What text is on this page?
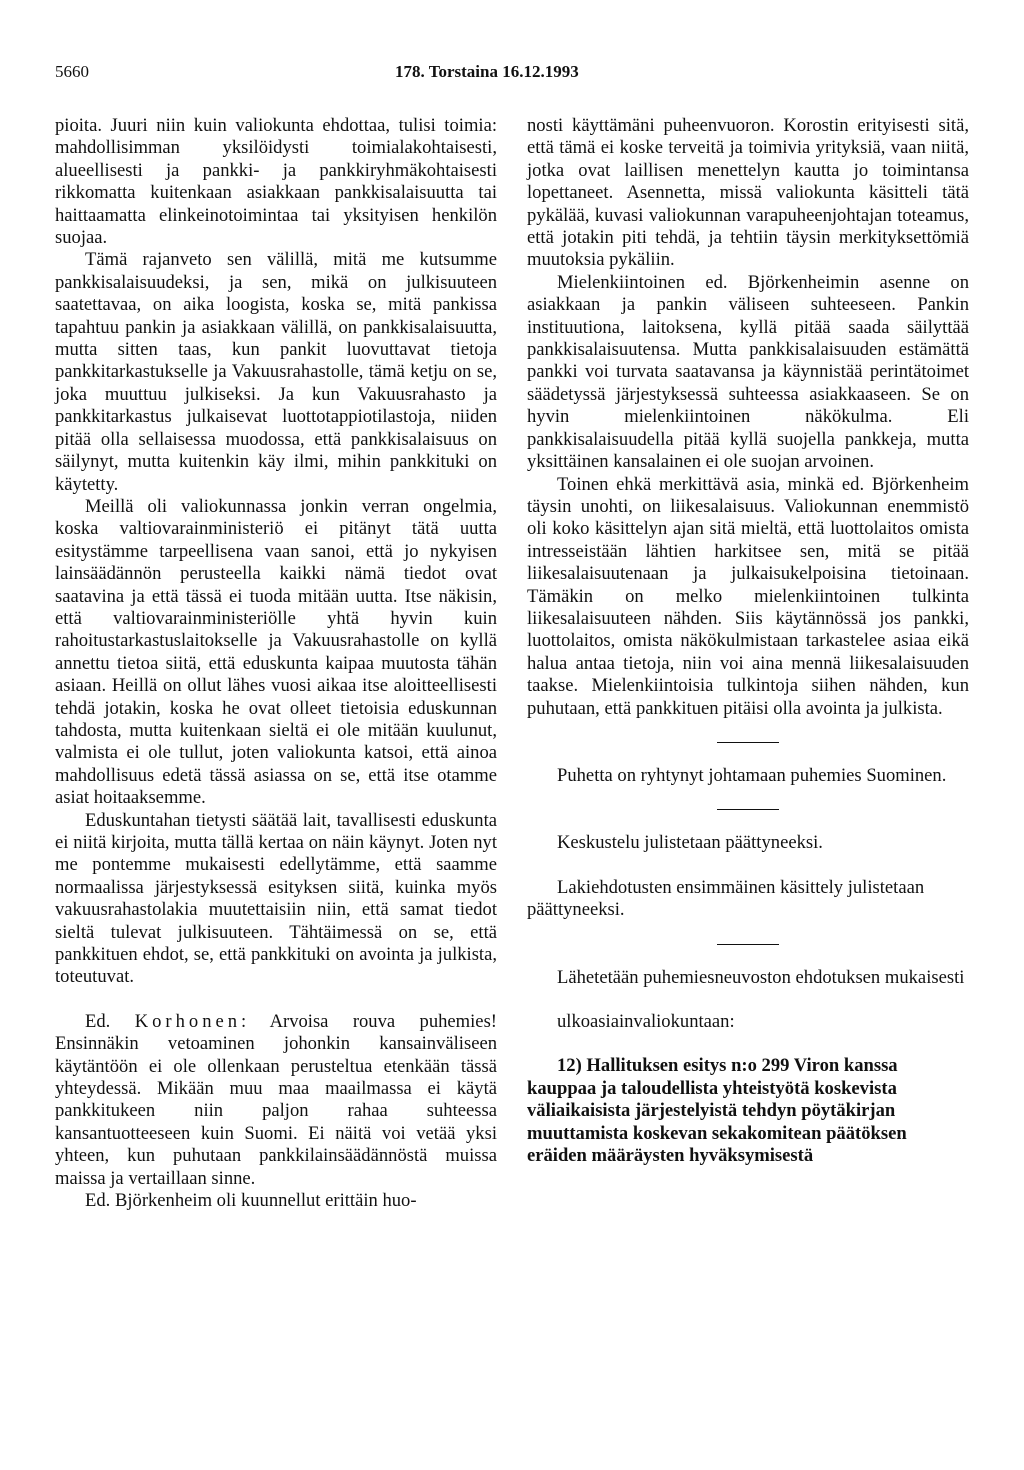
5660	178. Torstaina 16.12.1993

pioita. Juuri niin kuin valiokunta ehdottaa, tulisi toimia: mahdollisimman yksilöidysti toimialakohtaisesti, alueellisesti ja pankki- ja pankkiryhmäkohtaisesti rikkomatta kuitenkaan asiakkaan pankkisalaisuutta tai haittaamatta elinkeinotoimintaa tai yksityisen henkilön suojaa.

Tämä rajanveto sen välillä, mitä me kutsumme pankkisalaisuudeksi, ja sen, mikä on julkisuuteen saatettavaa, on aika loogista, koska se, mitä pankissa tapahtuu pankin ja asiakkaan välillä, on pankkisalaisuutta, mutta sitten taas, kun pankit luovuttavat tietoja pankkitarkastukselle ja Vakuusrahastolle, tämä ketju on se, joka muuttuu julkiseksi. Ja kun Vakuusrahasto ja pankkitarkastus julkaisevat luottotappiotilastoja, niiden pitää olla sellaisessa muodossa, että pankkisalaisuus on säilynyt, mutta kuitenkin käy ilmi, mihin pankkituki on käytetty.

Meillä oli valiokunnassa jonkin verran ongelmia, koska valtiovarainministeriö ei pitänyt tätä uutta esitystämme tarpeellisena vaan sanoi, että jo nykyisen lainsäädännön perusteella kaikki nämä tiedot ovat saatavina ja että tässä ei tuoda mitään uutta. Itse näkisin, että valtiovarainministeriölle yhtä hyvin kuin rahoitustarkastuslaitokselle ja Vakuusrahastolle on kyllä annettu tietoa siitä, että eduskunta kaipaa muutosta tähän asiaan. Heillä on ollut lähes vuosi aikaa itse aloitteellisesti tehdä jotakin, koska he ovat olleet tietoisia eduskunnan tahdosta, mutta kuitenkaan sieltä ei ole mitään kuulunut, valmista ei ole tullut, joten valiokunta katsoi, että ainoa mahdollisuus edetä tässä asiassa on se, että itse otamme asiat hoitaaksemme.

Eduskuntahan tietysti säätää lait, tavallisesti eduskunta ei niitä kirjoita, mutta tällä kertaa on näin käynyt. Joten nyt me pontemme mukaisesti edellytämme, että saamme normaalissa järjestyksessä esityksen siitä, kuinka myös vakuusrahastolakia muutettaisiin niin, että samat tiedot sieltä tulevat julkisuuteen. Tähtäimessä on se, että pankkituen ehdot, se, että pankkituki on avointa ja julkista, toteutuvat.

Ed. Korhonen: Arvoisa rouva puhemies! Ensinnäkin vetoaminen johonkin kansainväliseen käytäntöön ei ole ollenkaan perusteltua etenkään tässä yhteydessä. Mikään muu maa maailmassa ei käytä pankkitukeen niin paljon rahaa suhteessa kansantuotteeseen kuin Suomi. Ei näitä voi vetää yksi yhteen, kun puhutaan pankkilainsäädännöstä muissa maissa ja vertaillaan sinne.

Ed. Björkenheim oli kuunnellut erittäin huo-

nosti käyttämäni puheenvuoron. Korostin erityisesti sitä, että tämä ei koske terveitä ja toimivia yrityksiä, vaan niitä, jotka ovat laillisen menettelyn kautta jo toimintansa lopettaneet. Asennetta, missä valiokunta käsitteli tätä pykälää, kuvasi valiokunnan varapuheenjohtajan toteamus, että jotakin piti tehdä, ja tehtiin täysin merkityksettömiä muutoksia pykäliin.

Mielenkiintoinen ed. Björkenheimin asenne on asiakkaan ja pankin väliseen suhteeseen. Pankin instituutiona, laitoksena, kyllä pitää saada säilyttää pankkisalaisuutensa. Mutta pankkisalaisuuden estämättä pankki voi turvata saatavansa ja käynnistää perintätoimet säädetyssä järjestyksessä suhteessa asiakkaaseen. Se on hyvin mielenkiintoinen näkökulma. Eli pankkisalaisuudella pitää kyllä suojella pankkeja, mutta yksittäinen kansalainen ei ole suojan arvoinen.

Toinen ehkä merkittävä asia, minkä ed. Björkenheim täysin unohti, on liikesalaisuus. Valiokunnan enemmistö oli koko käsittelyn ajan sitä mieltä, että luottolaitos omista intresseistään lähtien harkitsee sen, mitä se pitää liikesalaisuutenaan ja julkaisukelpoisina tietoinaan. Tämäkin on melko mielenkiintoinen tulkinta liikesalaisuuteen nähden. Siis käytännössä jos pankki, luottolaitos, omista näkökulmistaan tarkastelee asiaa eikä halua antaa tietoja, niin voi aina mennä liikesalaisuuden taakse. Mielenkiintoisia tulkintoja siihen nähden, kun puhutaan, että pankkituen pitäisi olla avointa ja julkista.

Puhetta on ryhtynyt johtamaan puhemies Suominen.

Keskustelu julistetaan päättyneeksi.

Lakiehdotusten ensimmäinen käsittely julistetaan päättyneeksi.

Lähetetään puhemiesneuvoston ehdotuksen mukaisesti

ulkoasiainvaliokuntaan:

12) Hallituksen esitys n:o 299 Viron kanssa kauppaa ja taloudellista yhteistyötä koskevista väliaikaisista järjestelyistä tehdyn pöytäkirjan muuttamista koskevan sekakomitean päätöksen eräiden määräysten hyväksymisestä
